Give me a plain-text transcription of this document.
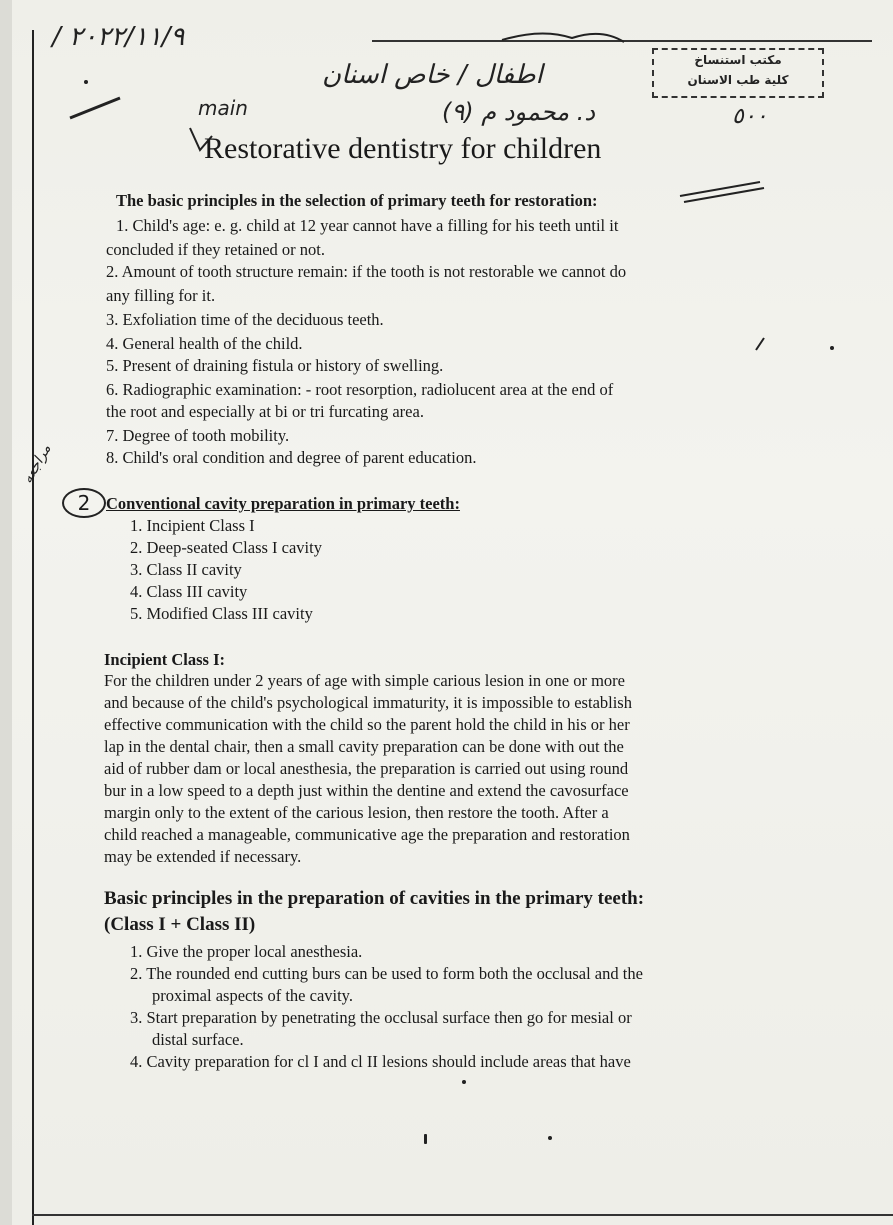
/ ٢٠٢٢/١١/٩
اطفال / خاص اسنان
د. محمود م (٩)
main	٥٠٠
مراجعه
مكتب استنساخ
كلية طب الاسنان
Restorative dentistry for children
The basic principles in the selection of primary teeth for restoration:
1. Child's age: e. g. child at 12 year cannot have a filling for his teeth until it
concluded if they retained or not.
2. Amount of tooth structure remain: if the tooth is not restorable we cannot do
any filling for it.
3. Exfoliation time of the deciduous teeth.
4. General health of the child.
5. Present of draining fistula or history of swelling.
6. Radiographic examination: - root resorption, radiolucent area at the end of
the root and especially at bi or tri furcating area.
7. Degree of tooth mobility.
8. Child's oral condition and degree of parent education.
2 Conventional cavity preparation in primary teeth:
1. Incipient Class I
2. Deep-seated Class I cavity
3. Class II cavity
4. Class III cavity
5. Modified Class III cavity
Incipient Class I:
For the children under 2 years of age with simple carious lesion in one or more
and because of the child's psychological immaturity, it is impossible to establish
effective communication with the child so the parent hold the child in his or her
lap in the dental chair, then a small cavity preparation can be done with out the
aid of rubber dam or local anesthesia, the preparation is carried out using round
bur in a low speed to a depth just within the dentine and extend the cavosurface
margin only to the extent of the carious lesion, then restore the tooth. After a
child reached a manageable, communicative age the preparation and restoration
may be extended if necessary.
Basic principles in the preparation of cavities in the primary teeth:
(Class I + Class II)
1. Give the proper local anesthesia.
2. The rounded end cutting burs can be used to form both the occlusal and the
proximal aspects of the cavity.
3. Start preparation by penetrating the occlusal surface then go for mesial or
distal surface.
4. Cavity preparation for cl I and cl II lesions should include areas that have
